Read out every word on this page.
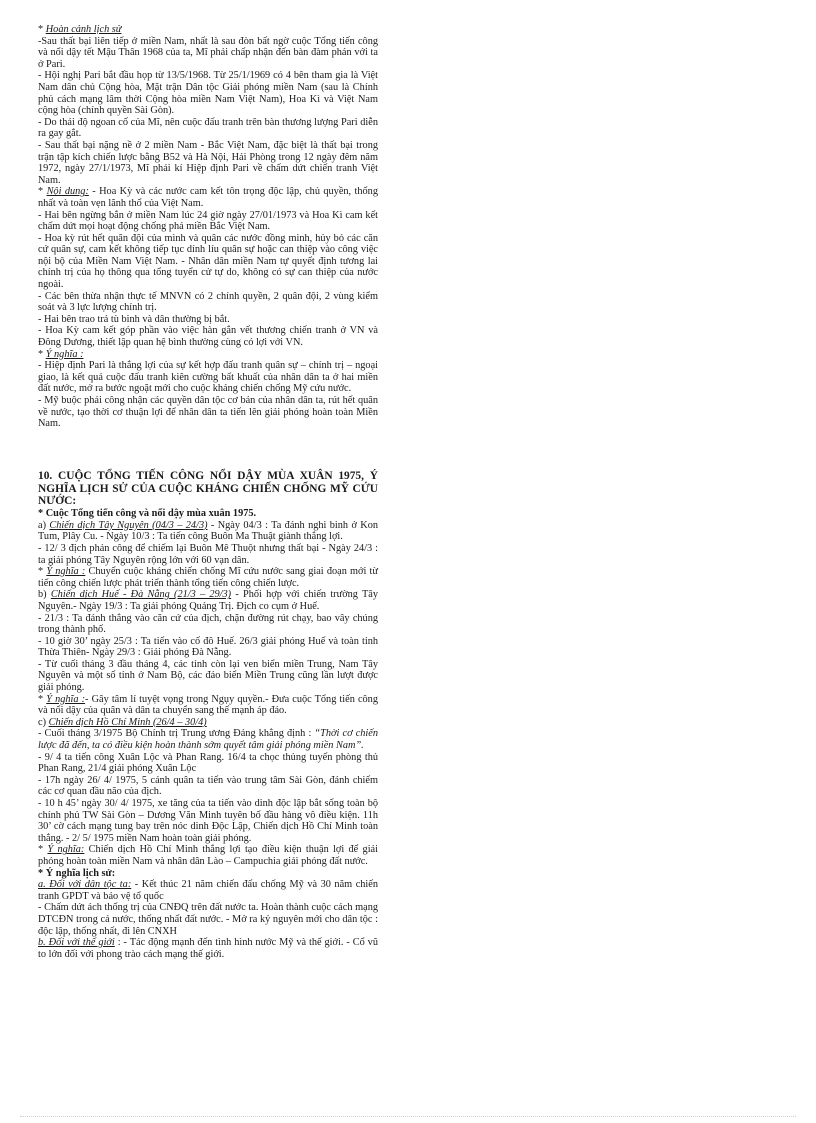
* Hoàn cảnh lịch sử

-Sau thất bại liên tiếp ở miền Nam, nhất là sau đòn bất ngờ cuộc Tổng tiến công và nổi dậy tết Mậu Thân 1968 của ta, Mĩ phải chấp nhận đến bàn đàm phán với ta ở Pari.

- Hội nghị Pari bắt đầu họp từ 13/5/1968. Từ 25/1/1969 có 4 bên tham gia là Việt Nam dân chủ Cộng hòa, Mặt trận Dân tộc Giải phóng miền Nam (sau là Chính phủ cách mạng lâm thời Cộng hòa miền Nam Việt Nam), Hoa Kì và Việt Nam cộng hòa (chính quyền Sài Gòn).

- Do thái độ ngoan cố của Mĩ, nên cuộc đấu tranh trên bàn thương lượng Pari diễn ra gay gắt.

- Sau thất bại nặng nề ở 2 miền Nam - Bắc Việt Nam, đặc biệt là thất bại trong trận tập kích chiến lược bằng B52 và Hà Nội, Hải Phòng trong 12 ngày đêm năm 1972, ngày 27/1/1973, Mĩ phải kí Hiệp định Pari về chấm dứt chiến tranh Việt Nam.

* Nội dung: - Hoa Kỳ và các nước cam kết tôn trọng độc lập, chủ quyền, thống nhất và toàn vẹn lãnh thổ của Việt Nam.

- Hai bên ngừng bắn ở miền Nam lúc 24 giờ ngày 27/01/1973 và Hoa Kì cam kết chấm dứt mọi hoạt động chống phá miền Bắc Việt Nam.

- Hoa kỳ rút hết quân đội của mình và quân các nước đồng minh, hủy bỏ các căn cứ quân sự, cam kết không tiếp tục dính líu quân sự hoặc can thiệp vào công việc nội bộ của Miền Nam Việt Nam. - Nhân dân miền Nam tự quyết định tương lai chính trị của họ thông qua tổng tuyển cử tự do, không có sự can thiệp của nước ngoài.

- Các bên thừa nhận thực tế MNVN có 2 chính quyền, 2 quân đội, 2 vùng kiểm soát và 3 lực lượng chính trị.

- Hai bên trao trả tù binh và dân thường bị bắt.

- Hoa Kỳ cam kết góp phần vào việc hàn gắn vết thương chiến tranh ở VN và Đông Dương, thiết lập quan hệ bình thường cùng có lợi với VN.

* Ý nghĩa :

- Hiệp định Pari là thắng lợi của sự kết hợp đấu tranh quân sự – chính trị – ngoại giao, là kết quả cuộc đấu tranh kiên cường bất khuất của nhân dân ta ở hai miền đất nước, mở ra bước ngoặt mới cho cuộc kháng chiến chống Mỹ cứu nước.

- Mỹ buộc phải công nhận các quyền dân tộc cơ bản của nhân dân ta, rút hết quân về nước, tạo thời cơ thuận lợi để nhân dân ta tiến lên giải phóng hoàn toàn Miền Nam.

10. CUỘC TỔNG TIẾN CÔNG NỔI DẬY MÙA XUÂN 1975, Ý NGHĨA LỊCH SỬ CỦA CUỘC KHÁNG CHIẾN CHỐNG MỸ CỨU NƯỚC:

* Cuộc Tổng tiến công và nổi dậy mùa xuân 1975.

a) Chiến dịch Tây Nguyên (04/3 – 24/3) - Ngày 04/3 : Ta đánh nghi binh ở Kon Tum, Plây Cu. - Ngày 10/3 : Ta tiến công Buôn Ma Thuật giành thắng lợi.

- 12/ 3 địch phản công để chiếm lại Buôn Mê Thuột nhưng thất bại - Ngày 24/3 : ta giải phóng Tây Nguyên rộng lớn với 60 vạn dân.

* Ý nghĩa : Chuyển cuộc kháng chiến chống Mĩ cứu nước sang giai đoạn mới từ tiến công chiến lược phát triển thành tổng tiến công chiến lược.

b) Chiến dịch Huế - Đà Nẵng (21/3 – 29/3) - Phối hợp với chiến trường Tây Nguyên.- Ngày 19/3 : Ta giải phóng Quảng Trị. Địch co cụm ở Huế.

- 21/3 : Ta đánh thẳng vào căn cứ của địch, chặn đường rút chạy, bao vây chúng trong thành phố.

- 10 giờ 30’ ngày 25/3 : Ta tiến vào cố đô Huế. 26/3 giải phóng Huế và toàn tỉnh Thừa Thiên- Ngày 29/3 : Giải phóng Đà Nẵng.

- Từ cuối tháng 3 đầu tháng 4, các tỉnh còn lại ven biển miền Trung, Nam Tây Nguyên và một số tỉnh ở Nam Bộ, các đảo biển Miền Trung cũng lần lượt được giải phóng.

* Ý nghĩa :- Gây tâm lí tuyệt vọng trong Ngụy quyền.- Đưa cuộc Tổng tiến công và nổi dậy của quân và dân ta chuyển sang thế mạnh áp đảo.

c) Chiến dịch Hồ Chí Minh (26/4 – 30/4)

- Cuối tháng 3/1975 Bộ Chính trị Trung ương Đảng khẳng định : “Thời cơ chiến lược đã đến, ta có điều kiện hoàn thành sớm quyết tâm giải phóng miền Nam”.

- 9/ 4 ta tiến công Xuân Lộc và Phan Rang. 16/4 ta chọc thủng tuyến phòng thủ Phan Rang, 21/4 giải phóng Xuân Lộc

- 17h ngày 26/ 4/ 1975, 5 cánh quân ta tiến vào trung tâm Sài Gòn, đánh chiếm các cơ quan đầu não của địch.

- 10 h 45’ ngày 30/ 4/ 1975, xe tăng của ta tiến vào dinh độc lập bắt sống toàn bộ chính phủ TW Sài Gòn – Dương Văn Minh tuyên bố đầu hàng vô điều kiện. 11h 30’ cờ cách mạng tung bay trên nóc dinh Độc Lập, Chiến dịch Hồ Chí Minh toàn thắng. - 2/ 5/ 1975 miền Nam hoàn toàn giải phóng.

* Ý nghĩa: Chiến dịch Hồ Chí Minh thắng lợi tạo điều kiện thuận lợi để giải phóng hoàn toàn miền Nam và nhân dân Lào – Campuchia giải phóng đất nước.

* Ý nghĩa lịch sử:

a. Đối với dân tộc ta: - Kết thúc 21 năm chiến đấu chống Mỹ và 30 năm chiến tranh GPDT và bảo vệ tổ quốc

- Chấm dứt ách thống trị của CNĐQ trên đất nước ta. Hoàn thành cuộc cách mạng DTCĐN trong cả nước, thống nhất đất nước. - Mở ra kỷ nguyên mới cho dân tộc : độc lập, thống nhất, đi lên CNXH

b. Đối với thế giới : - Tác động mạnh đến tình hình nước Mỹ và thế giới. - Cổ vũ to lớn đối với phong trào cách mạng thế giới.
